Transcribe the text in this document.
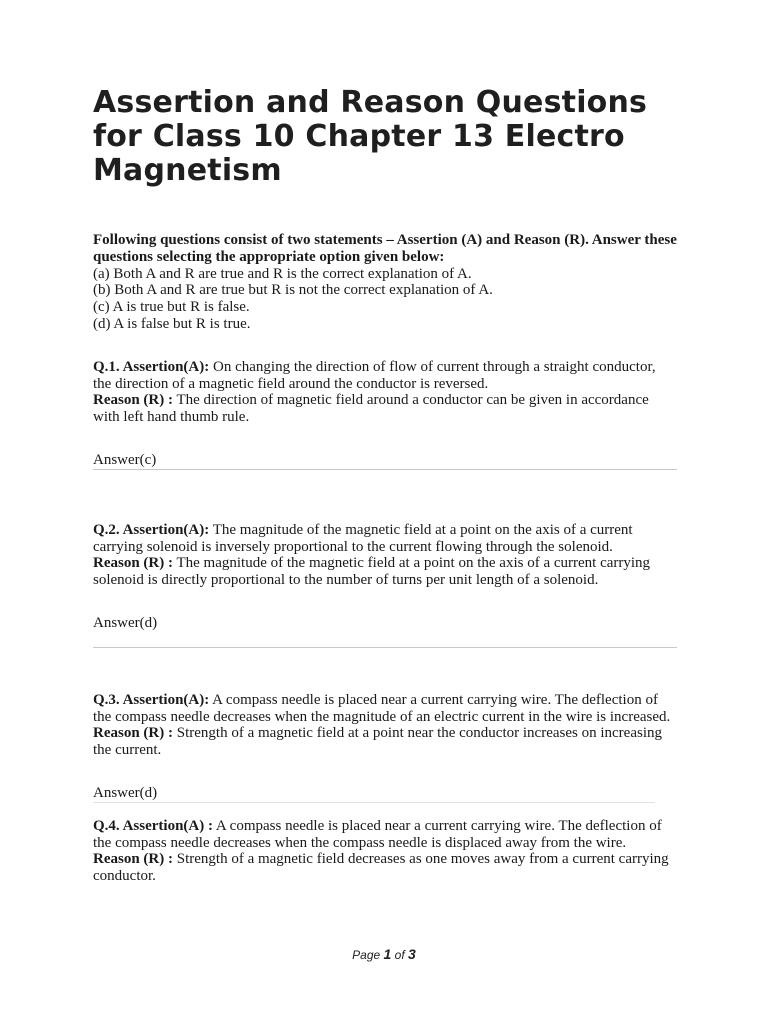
Assertion and Reason Questions for Class 10 Chapter 13 Electro Magnetism
Following questions consist of two statements – Assertion (A) and Reason (R). Answer these questions selecting the appropriate option given below:
(a) Both A and R are true and R is the correct explanation of A.
(b) Both A and R are true but R is not the correct explanation of A.
(c) A is true but R is false.
(d) A is false but R is true.
Q.1. Assertion(A): On changing the direction of flow of current through a straight conductor, the direction of a magnetic field around the conductor is reversed.
Reason (R) : The direction of magnetic field around a conductor can be given in accordance with left hand thumb rule.
Answer(c)
Q.2. Assertion(A): The magnitude of the magnetic field at a point on the axis of a current carrying solenoid is inversely proportional to the current flowing through the solenoid.
Reason (R) : The magnitude of the magnetic field at a point on the axis of a current carrying solenoid is directly proportional to the number of turns per unit length of a solenoid.
Answer(d)
Q.3. Assertion(A): A compass needle is placed near a current carrying wire. The deflection of the compass needle decreases when the magnitude of an electric current in the wire is increased.
Reason (R) : Strength of a magnetic field at a point near the conductor increases on increasing the current.
Answer(d)
Q.4. Assertion(A) : A compass needle is placed near a current carrying wire. The deflection of the compass needle decreases when the compass needle is displaced away from the wire.
Reason (R) : Strength of a magnetic field decreases as one moves away from a current carrying conductor.
Page 1 of 3
